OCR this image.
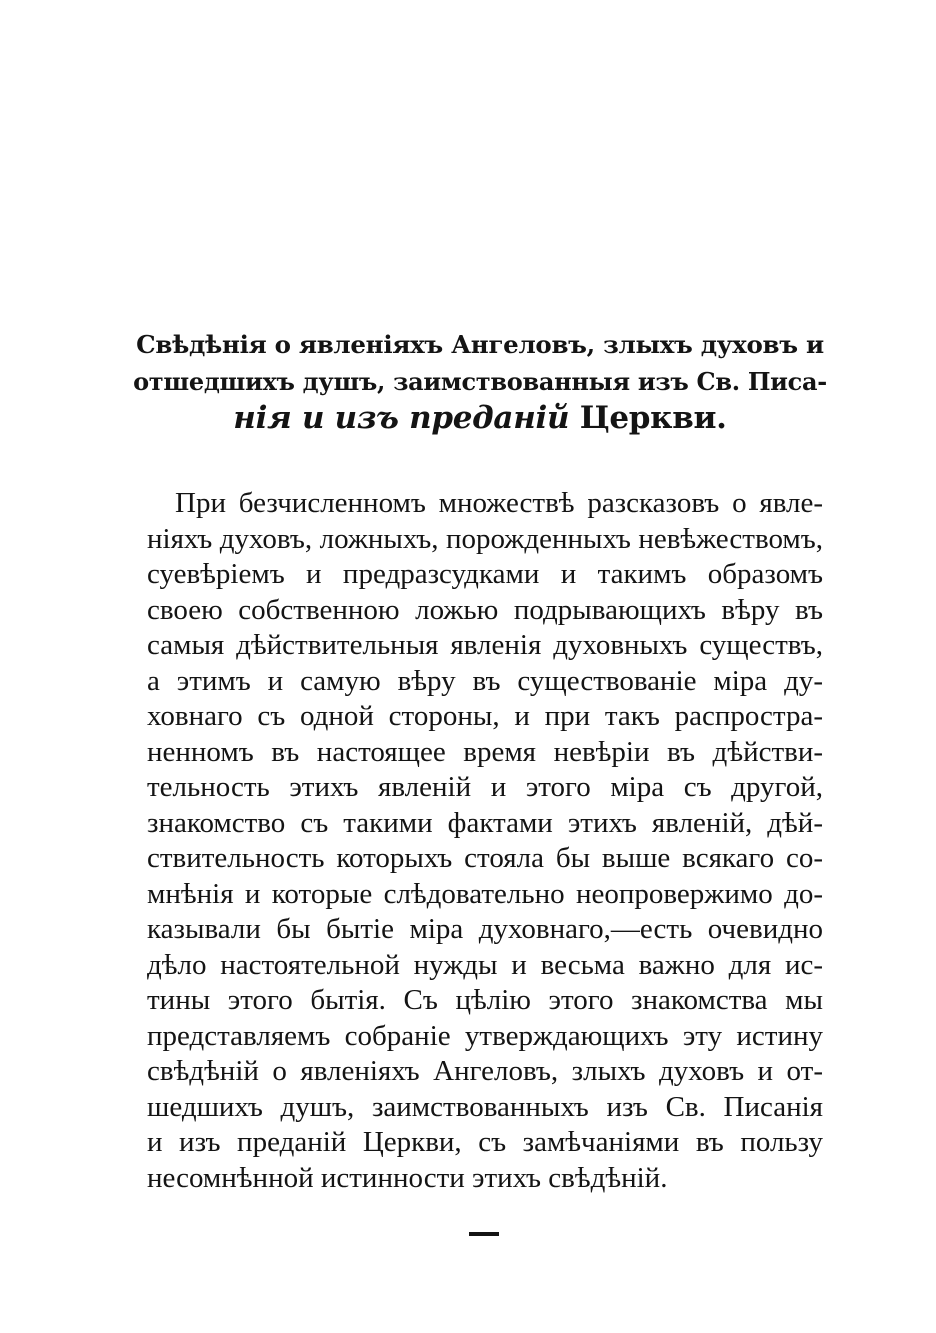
Свѣдѣнія о явленіяхъ Ангеловъ, злыхъ духовъ и
отшедшихъ душъ, заимствованныя изъ Св. Писа-
нія и изъ преданій Церкви.
При безчисленномъ множествѣ разсказовъ о явле-
ніяхъ духовъ, ложныхъ, порожденныхъ невѣжествомъ,
суевѣріемъ и предразсудками и такимъ образомъ
своею собственною ложью подрывающихъ вѣру въ
самыя дѣйствительныя явленія духовныхъ существъ,
а этимъ и самую вѣру въ существованіе міра ду-
ховнаго съ одной стороны, и при такъ распростра-
ненномъ въ настоящее время невѣріи въ дѣйстви-
тельность этихъ явленій и этого міра съ другой,
знакомство съ такими фактами этихъ явленій, дѣй-
ствительность которыхъ стояла бы выше всякаго со-
мнѣнія и которые слѣдовательно неопровержимо до-
казывали бы бытіе міра духовнаго,—есть очевидно
дѣло настоятельной нужды и весьма важно для ис-
тины этого бытія. Съ цѣлію этого знакомства мы
представляемъ собраніе утверждающихъ эту истину
свѣдѣній о явленіяхъ Ангеловъ, злыхъ духовъ и от-
шедшихъ душъ, заимствованныхъ изъ Св. Писанія
и изъ преданій Церкви, съ замѣчаніями въ пользу
несомнѣнной истинности этихъ свѣдѣній.
